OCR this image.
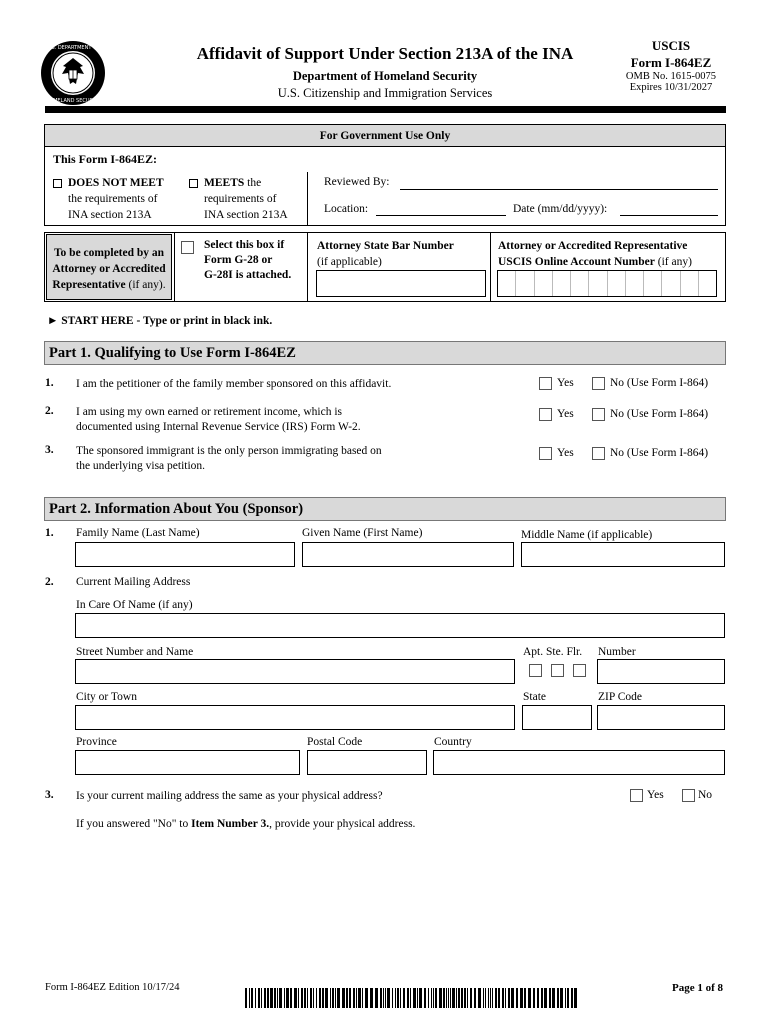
U.S. DEPARTMENT OF
HOMELAND SECURITY
Affidavit of Support Under Section 213A of the INA
Department of Homeland Security
U.S. Citizenship and Immigration Services
USCIS
Form I-864EZ
OMB No. 1615-0075
Expires 10/31/2027
For Government Use Only
This Form I-864EZ:
DOES NOT MEET
the requirements of
INA section 213A
MEETS the
requirements of
INA section 213A
Reviewed By:
Location:	Date (mm/dd/yyyy):
To be completed by an
Attorney or Accredited
Representative (if any).
Select this box if
Form G-28 or
G-28I is attached.
Attorney State Bar Number
(if applicable)
Attorney or Accredited Representative
USCIS Online Account Number (if any)
► START HERE - Type or print in black ink.
Part 1. Qualifying to Use Form I-864EZ
1. I am the petitioner of the family member sponsored on this affidavit.	Yes	No (Use Form I-864)
2. I am using my own earned or retirement income, which is
documented using Internal Revenue Service (IRS) Form W-2.
Yes	No (Use Form I-864)
3. The sponsored immigrant is the only person immigrating based on
the underlying visa petition.
Yes	No (Use Form I-864)
Part 2. Information About You (Sponsor)
1. Family Name (Last Name)	Given Name (First Name)	Middle Name (if applicable)
2. Current Mailing Address
In Care Of Name (if any)
Street Number and Name	Apt. Ste. Flr. Number
City or Town	State	ZIP Code
Province	Postal Code	Country
3. Is your current mailing address the same as your physical address?	Yes	No
If you answered "No" to Item Number 3., provide your physical address.
Form I-864EZ Edition 10/17/24	Page 1 of 8
